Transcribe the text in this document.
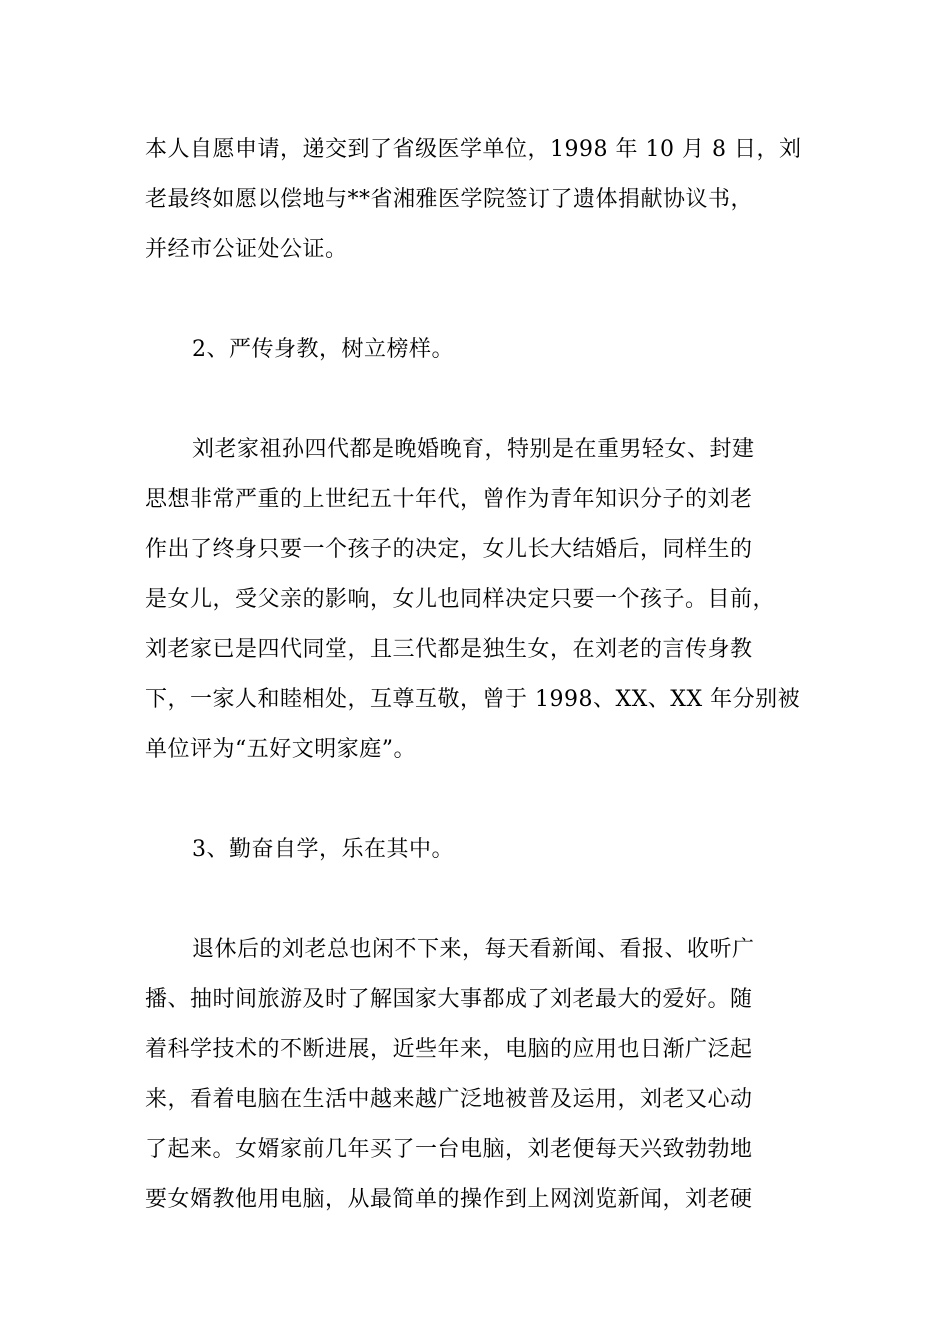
本人自愿申请，递交到了省级医学单位，1998 年 10 月 8 日，刘
老最终如愿以偿地与**省湘雅医学院签订了遗体捐献协议书，
并经市公证处公证。
2、严传身教，树立榜样。
刘老家祖孙四代都是晚婚晚育，特别是在重男轻女、封建
思想非常严重的上世纪五十年代，曾作为青年知识分子的刘老
作出了终身只要一个孩子的决定，女儿长大结婚后，同样生的
是女儿，受父亲的影响，女儿也同样决定只要一个孩子。目前，
刘老家已是四代同堂，且三代都是独生女，在刘老的言传身教
下，一家人和睦相处，互尊互敬，曾于 1998、XX、XX 年分别被
单位评为“五好文明家庭”。
3、勤奋自学，乐在其中。
退休后的刘老总也闲不下来，每天看新闻、看报、收听广
播、抽时间旅游及时了解国家大事都成了刘老最大的爱好。随
着科学技术的不断进展，近些年来，电脑的应用也日渐广泛起
来，看着电脑在生活中越来越广泛地被普及运用，刘老又心动
了起来。女婿家前几年买了一台电脑，刘老便每天兴致勃勃地
要女婿教他用电脑，从最简单的操作到上网浏览新闻，刘老硬
